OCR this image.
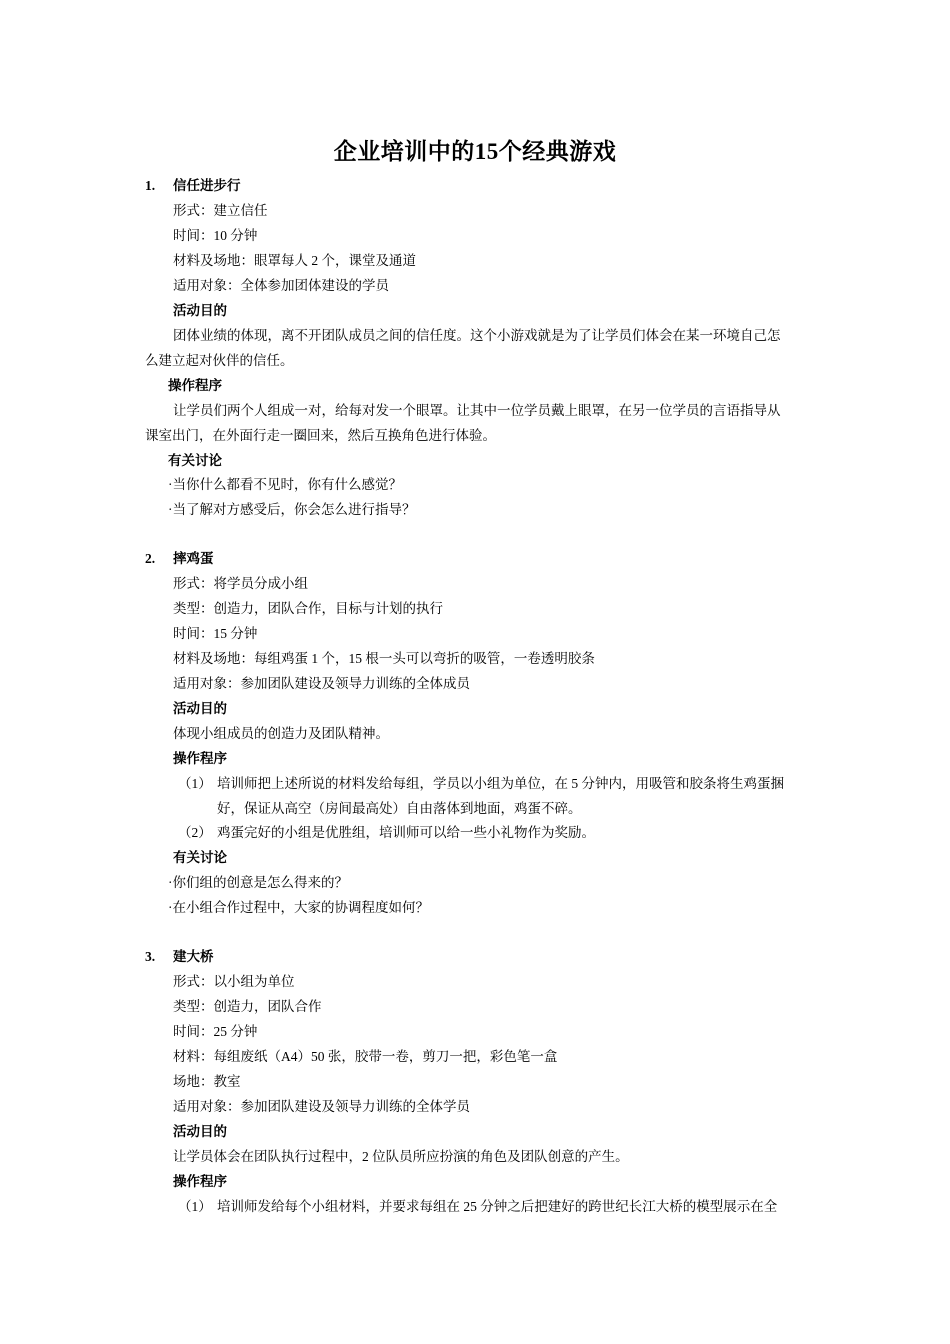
企业培训中的15个经典游戏
1. 信任进步行
形式：建立信任
时间：10 分钟
材料及场地：眼罩每人 2 个，课堂及通道
适用对象：全体参加团体建设的学员
活动目的
团体业绩的体现，离不开团队成员之间的信任度。这个小游戏就是为了让学员们体会在某一环境自己怎
么建立起对伙伴的信任。
操作程序
让学员们两个人组成一对，给每对发一个眼罩。让其中一位学员戴上眼罩，在另一位学员的言语指导从
课室出门，在外面行走一圈回来，然后互换角色进行体验。
有关讨论
·当你什么都看不见时，你有什么感觉？
·当了解对方感受后，你会怎么进行指导？
2. 摔鸡蛋
形式：将学员分成小组
类型：创造力，团队合作，目标与计划的执行
时间：15 分钟
材料及场地：每组鸡蛋 1 个，15 根一头可以弯折的吸管，一卷透明胶条
适用对象：参加团队建设及领导力训练的全体成员
活动目的
体现小组成员的创造力及团队精神。
操作程序
（1） 培训师把上述所说的材料发给每组，学员以小组为单位，在 5 分钟内，用吸管和胶条将生鸡蛋捆
好，保证从高空（房间最高处）自由落体到地面，鸡蛋不碎。
（2） 鸡蛋完好的小组是优胜组，培训师可以给一些小礼物作为奖励。
有关讨论
·你们组的创意是怎么得来的？
·在小组合作过程中，大家的协调程度如何？
3. 建大桥
形式：以小组为单位
类型：创造力，团队合作
时间：25 分钟
材料：每组废纸（A4）50 张，胶带一卷，剪刀一把，彩色笔一盒
场地：教室
适用对象：参加团队建设及领导力训练的全体学员
活动目的
让学员体会在团队执行过程中，2 位队员所应扮演的角色及团队创意的产生。
操作程序
（1） 培训师发给每个小组材料，并要求每组在 25 分钟之后把建好的跨世纪长江大桥的模型展示在全
